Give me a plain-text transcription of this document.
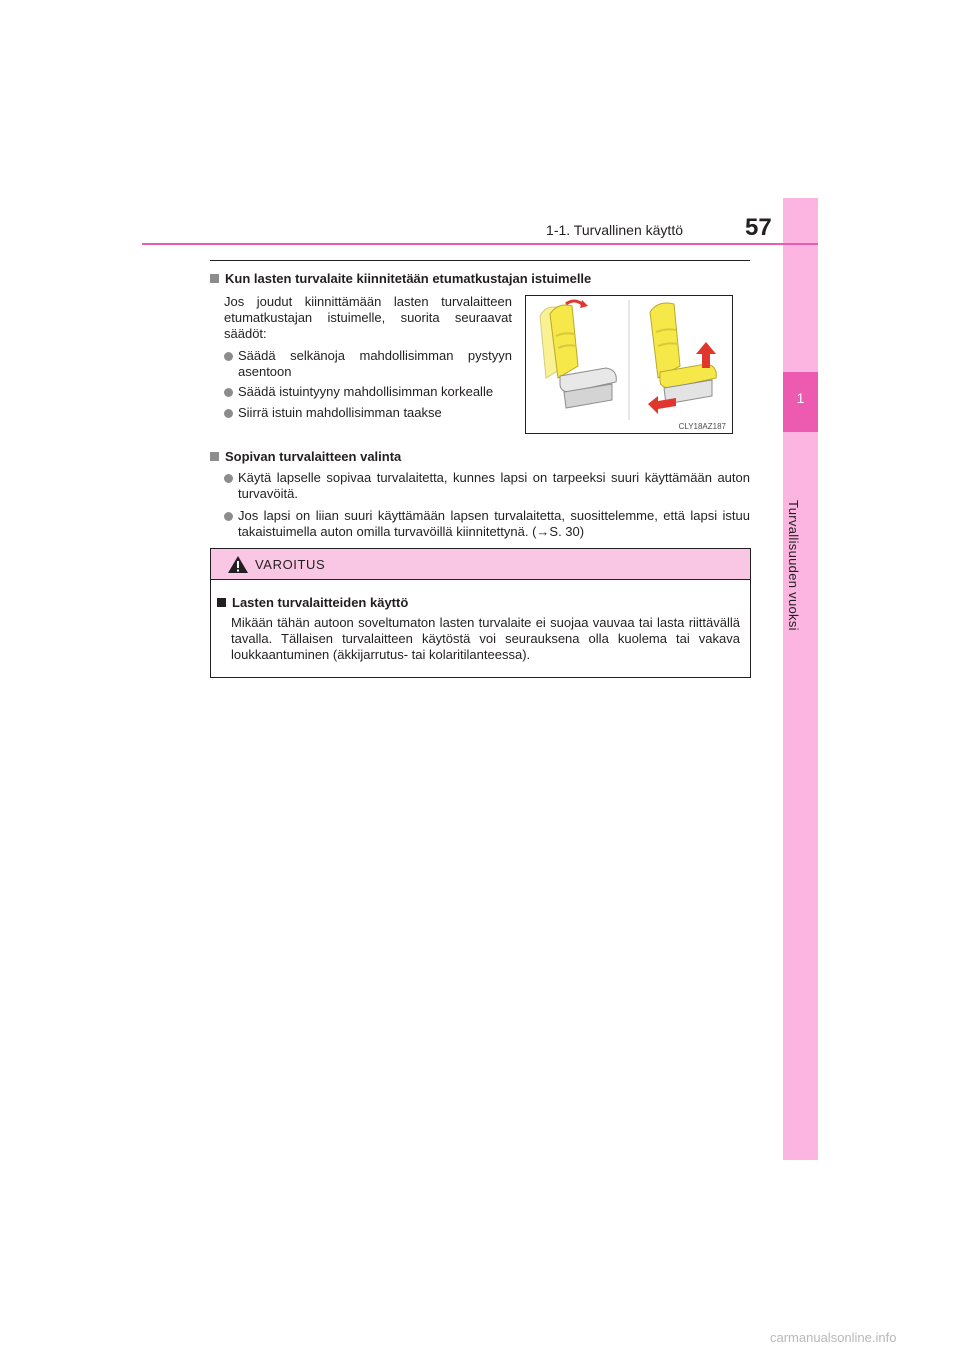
1
Turvallisuuden vuoksi
1-1. Turvallinen käyttö	57
Kun lasten turvalaite kiinnitetään etumatkustajan istuimelle
Jos joudut kiinnittämään lasten turvalaitteen etumatkustajan istuimelle, suorita seuraavat säädöt:
Säädä selkänoja mahdollisimman pystyyn asentoon
Säädä istuintyyny mahdollisimman korkealle
Siirrä istuin mahdollisimman taakse
CLY18AZ187
Sopivan turvalaitteen valinta
Käytä lapselle sopivaa turvalaitetta, kunnes lapsi on tarpeeksi suuri käyttämään auton turvavöitä.
Jos lapsi on liian suuri käyttämään lapsen turvalaitetta, suosittelemme, että lapsi istuu takaistuimella auton omilla turvavöillä kiinnitettynä. (→S. 30)
VAROITUS
Lasten turvalaitteiden käyttö
Mikään tähän autoon soveltumaton lasten turvalaite ei suojaa vauvaa tai lasta riittävällä tavalla. Tällaisen turvalaitteen käytöstä voi seurauksena olla kuolema tai vakava loukkaantuminen (äkkijarrutus- tai kolaritilanteessa).
carmanualsonline.info
